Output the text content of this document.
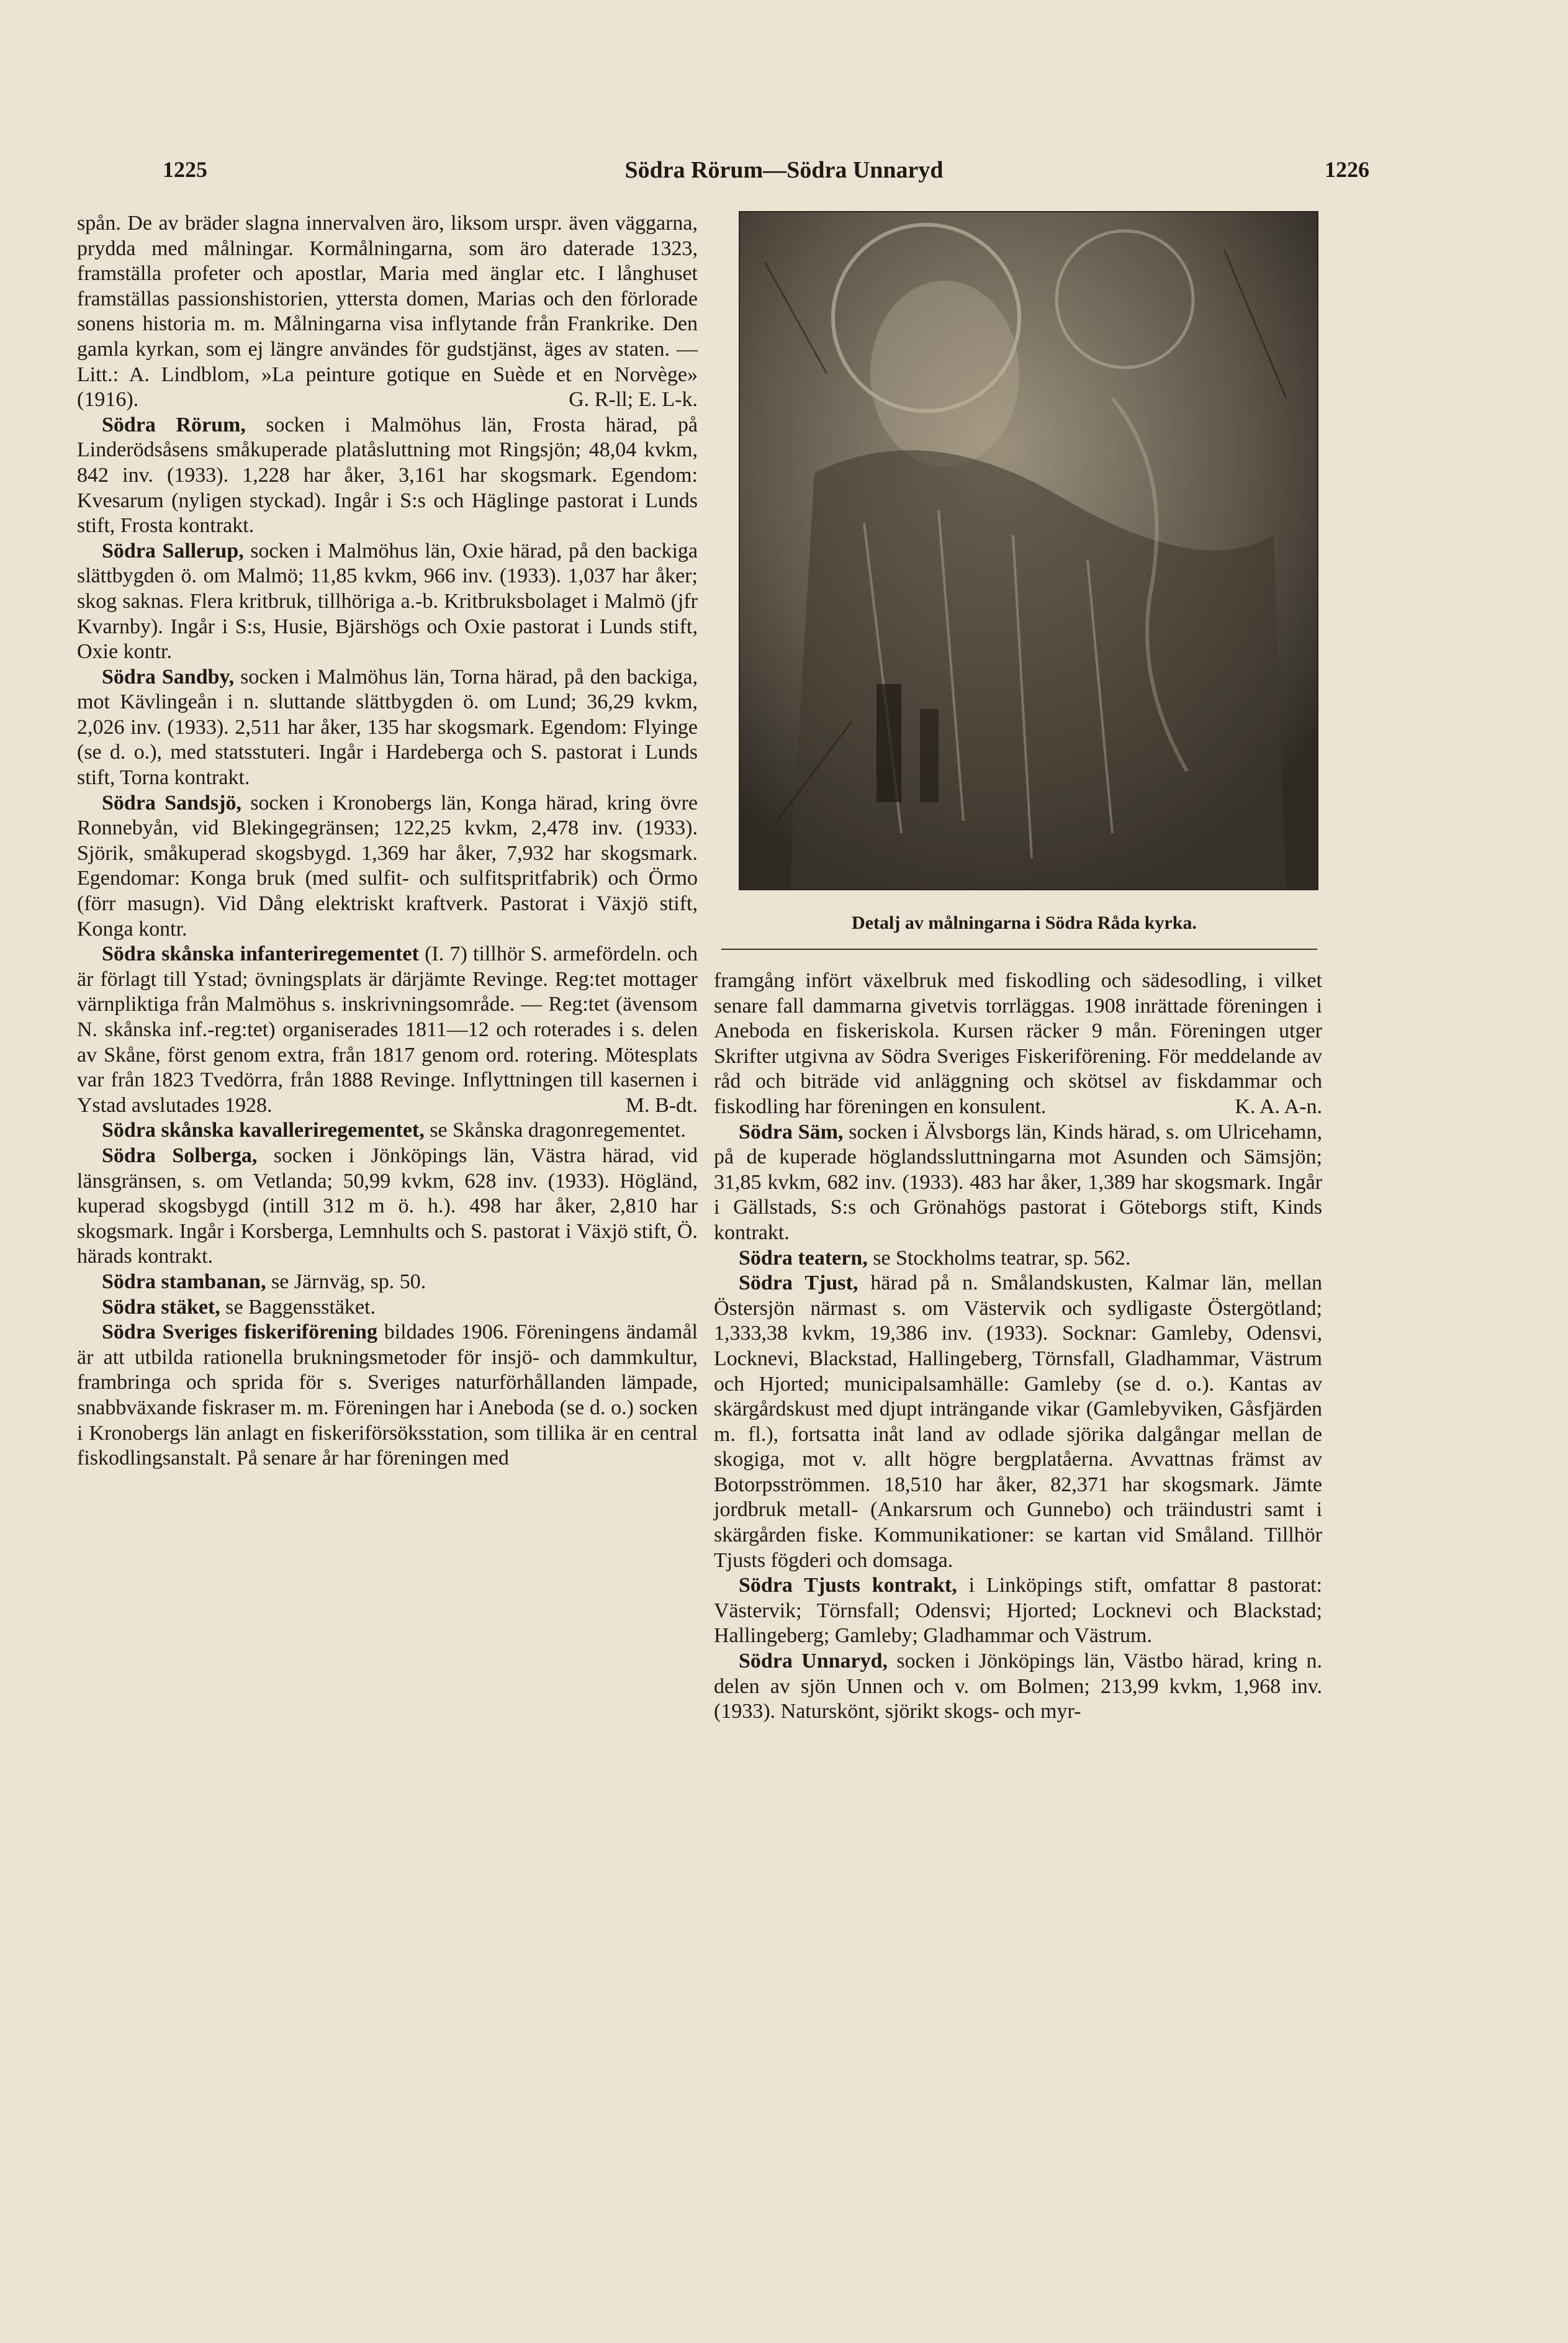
1225	Södra Rörum—Södra Unnaryd	1226

spån. De av bräder slagna innervalven äro, liksom urspr. även väggarna, prydda med målningar. Kormålningarna, som äro daterade 1323, framställa profeter och apostlar, Maria med änglar etc. I långhuset framställas passionshistorien, yttersta domen, Marias och den förlorade sonens historia m. m. Målningarna visa inflytande från Frankrike. Den gamla kyrkan, som ej längre användes för gudstjänst, äges av staten. — Litt.: A. Lindblom, »La peinture gotique en Suède et en Norvège» (1916).	G. R-ll; E. L-k.

Södra Rörum, socken i Malmöhus län, Frosta härad, på Linderödsåsens småkuperade platåsluttning mot Ringsjön; 48,04 kvkm, 842 inv. (1933). 1,228 har åker, 3,161 har skogsmark. Egendom: Kvesarum (nyligen styckad). Ingår i S:s och Häglinge pastorat i Lunds stift, Frosta kontrakt.

Södra Sallerup, socken i Malmöhus län, Oxie härad, på den backiga slättbygden ö. om Malmö; 11,85 kvkm, 966 inv. (1933). 1,037 har åker; skog saknas. Flera kritbruk, tillhöriga a.-b. Kritbruksbolaget i Malmö (jfr Kvarnby). Ingår i S:s, Husie, Bjärshögs och Oxie pastorat i Lunds stift, Oxie kontr.

Södra Sandby, socken i Malmöhus län, Torna härad, på den backiga, mot Kävlingeån i n. sluttande slättbygden ö. om Lund; 36,29 kvkm, 2,026 inv. (1933). 2,511 har åker, 135 har skogsmark. Egendom: Flyinge (se d. o.), med statsstuteri. Ingår i Hardeberga och S. pastorat i Lunds stift, Torna kontrakt.

Södra Sandsjö, socken i Kronobergs län, Konga härad, kring övre Ronnebyån, vid Blekingegränsen; 122,25 kvkm, 2,478 inv. (1933). Sjörik, småkuperad skogsbygd. 1,369 har åker, 7,932 har skogsmark. Egendomar: Konga bruk (med sulfit- och sulfitspritfabrik) och Örmo (förr masugn). Vid Dång elektriskt kraftverk. Pastorat i Växjö stift, Konga kontr.

Södra skånska infanteriregementet (I. 7) tillhör S. armefördeln. och är förlagt till Ystad; övningsplats är därjämte Revinge. Reg:tet mottager värnpliktiga från Malmöhus s. inskrivningsområde. — Reg:tet (ävensom N. skånska inf.-reg:tet) organiserades 1811—12 och roterades i s. delen av Skåne, först genom extra, från 1817 genom ord. rotering. Mötesplats var från 1823 Tvedörra, från 1888 Revinge. Inflyttningen till kasernen i Ystad avslutades 1928.	M. B-dt.

Södra skånska kavalleriregementet, se Skånska dragonregementet.

Södra Solberga, socken i Jönköpings län, Västra härad, vid länsgränsen, s. om Vetlanda; 50,99 kvkm, 628 inv. (1933). Högländ, kuperad skogsbygd (intill 312 m ö. h.). 498 har åker, 2,810 har skogsmark. Ingår i Korsberga, Lemnhults och S. pastorat i Växjö stift, Ö. härads kontrakt.

Södra stambanan, se Järnväg, sp. 50.

Södra stäket, se Baggensstäket.

Södra Sveriges fiskeriförening bildades 1906. Föreningens ändamål är att utbilda rationella brukningsmetoder för insjö- och dammkultur, frambringa och sprida för s. Sveriges naturförhållanden lämpade, snabbväxande fiskraser m. m. Föreningen har i Aneboda (se d. o.) socken i Kronobergs län anlagt en fiskeriförsöksstation, som tillika är en central fiskodlingsanstalt. På senare år har föreningen med

Detalj av målningarna i Södra Råda kyrka.

framgång infört växelbruk med fiskodling och sädesodling, i vilket senare fall dammarna givetvis torrläggas. 1908 inrättade föreningen i Aneboda en fiskeriskola. Kursen räcker 9 mån. Föreningen utger Skrifter utgivna av Södra Sveriges Fiskeriförening. För meddelande av råd och biträde vid anläggning och skötsel av fiskdammar och fiskodling har föreningen en konsulent.	K. A. A-n.

Södra Säm, socken i Älvsborgs län, Kinds härad, s. om Ulricehamn, på de kuperade höglandssluttningarna mot Asunden och Sämsjön; 31,85 kvkm, 682 inv. (1933). 483 har åker, 1,389 har skogsmark. Ingår i Gällstads, S:s och Grönahögs pastorat i Göteborgs stift, Kinds kontrakt.

Södra teatern, se Stockholms teatrar, sp. 562.

Södra Tjust, härad på n. Smålandskusten, Kalmar län, mellan Östersjön närmast s. om Västervik och sydligaste Östergötland; 1,333,38 kvkm, 19,386 inv. (1933). Socknar: Gamleby, Odensvi, Locknevi, Blackstad, Hallingeberg, Törnsfall, Gladhammar, Västrum och Hjorted; municipalsamhälle: Gamleby (se d. o.). Kantas av skärgårdskust med djupt inträngande vikar (Gamlebyviken, Gåsfjärden m. fl.), fortsatta inåt land av odlade sjörika dalgångar mellan de skogiga, mot v. allt högre bergplatåerna. Avvattnas främst av Botorpsströmmen. 18,510 har åker, 82,371 har skogsmark. Jämte jordbruk metall- (Ankarsrum och Gunnebo) och träindustri samt i skärgården fiske. Kommunikationer: se kartan vid Småland. Tillhör Tjusts fögderi och domsaga.

Södra Tjusts kontrakt, i Linköpings stift, omfattar 8 pastorat: Västervik; Törnsfall; Odensvi; Hjorted; Locknevi och Blackstad; Hallingeberg; Gamleby; Gladhammar och Västrum.

Södra Unnaryd, socken i Jönköpings län, Västbo härad, kring n. delen av sjön Unnen och v. om Bolmen; 213,99 kvkm, 1,968 inv. (1933). Naturskönt, sjörikt skogs- och myr-
